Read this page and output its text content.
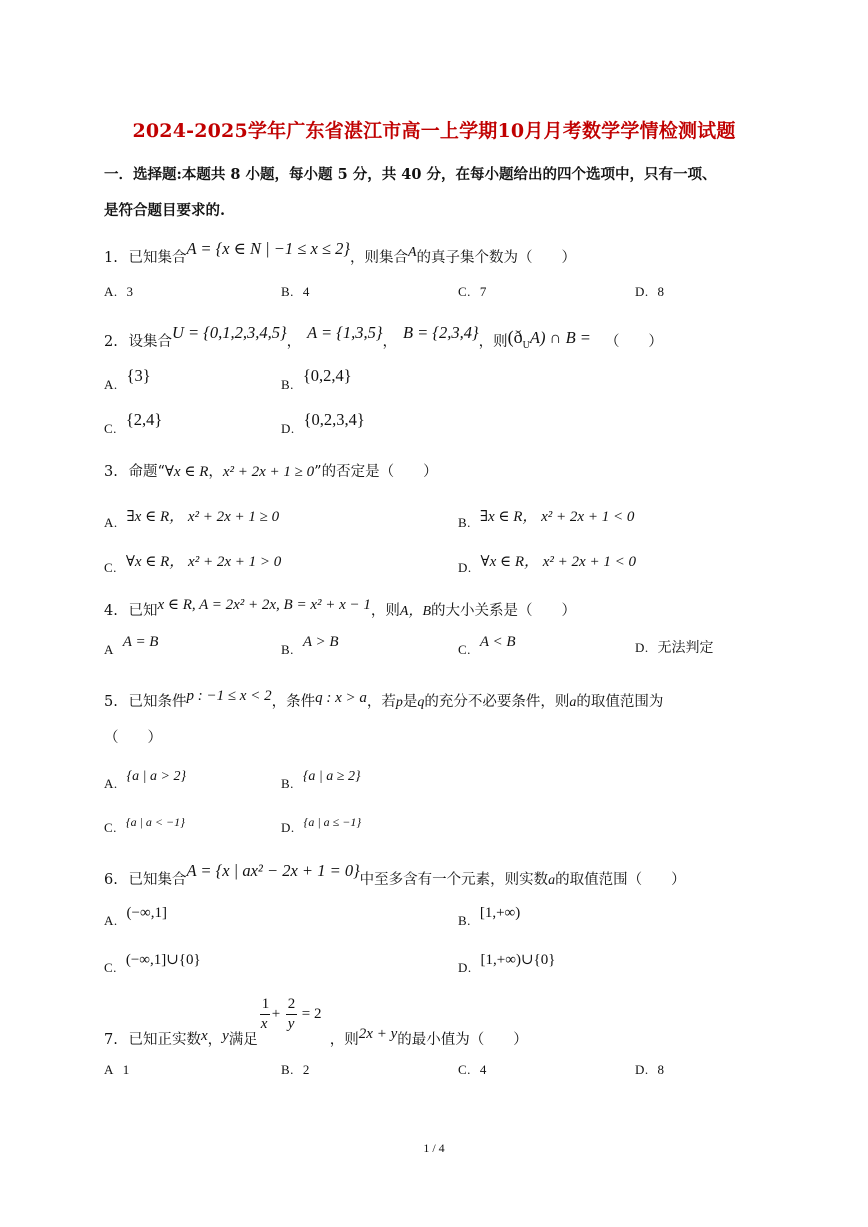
2024-2025学年广东省湛江市高一上学期10月月考数学学情检测试题
一．选择题:本题共 8 小题，每小题 5 分，共 40 分，在每小题给出的四个选项中，只有一项、
是符合题目要求的.
1. 已知集合A = {x ∈ N | −1 ≤ x ≤ 2}，则集合A的真子集个数为（　　）
A. 3	B. 4	C. 7	D. 8
2. 设集合U = {0,1,2,3,4,5}， A = {1,3,5}， B = {2,3,4}，则(ðUA) ∩ B = （　　）
A. {3}	B. {0,2,4}
C. {2,4}	D. {0,2,3,4}
3. 命题“∀x ∈ R，x² + 2x + 1 ≥ 0”的否定是（　　）
A. ∃x ∈ R， x² + 2x + 1 ≥ 0	B. ∃x ∈ R， x² + 2x + 1 < 0
C. ∀x ∈ R， x² + 2x + 1 > 0	D. ∀x ∈ R， x² + 2x + 1 < 0
4. 已知x ∈ R, A = 2x² + 2x, B = x² + x − 1，则A，B的大小关系是（　　）
A A = B	B. A > B	C. A < B	D. 无法判定
5. 已知条件p : −1 ≤ x < 2，条件q : x > a，若p是q的充分不必要条件，则a的取值范围为
（　　）
A. {a | a > 2}	B. {a | a ≥ 2}
C. {a | a < −1}	D. {a | a ≤ −1}
6. 已知集合A = {x | ax² − 2x + 1 = 0}中至多含有一个元素，则实数a的取值范围（　　）
A. (−∞,1]	B. [1,+∞)
C. (−∞,1]∪{0}	D. [1,+∞)∪{0}
7. 已知正实数x，y满足
1
x
+
2
y
= 2
，则2x + y的最小值为（　　）
A 1	B. 2	C. 4	D. 8
1 / 4
